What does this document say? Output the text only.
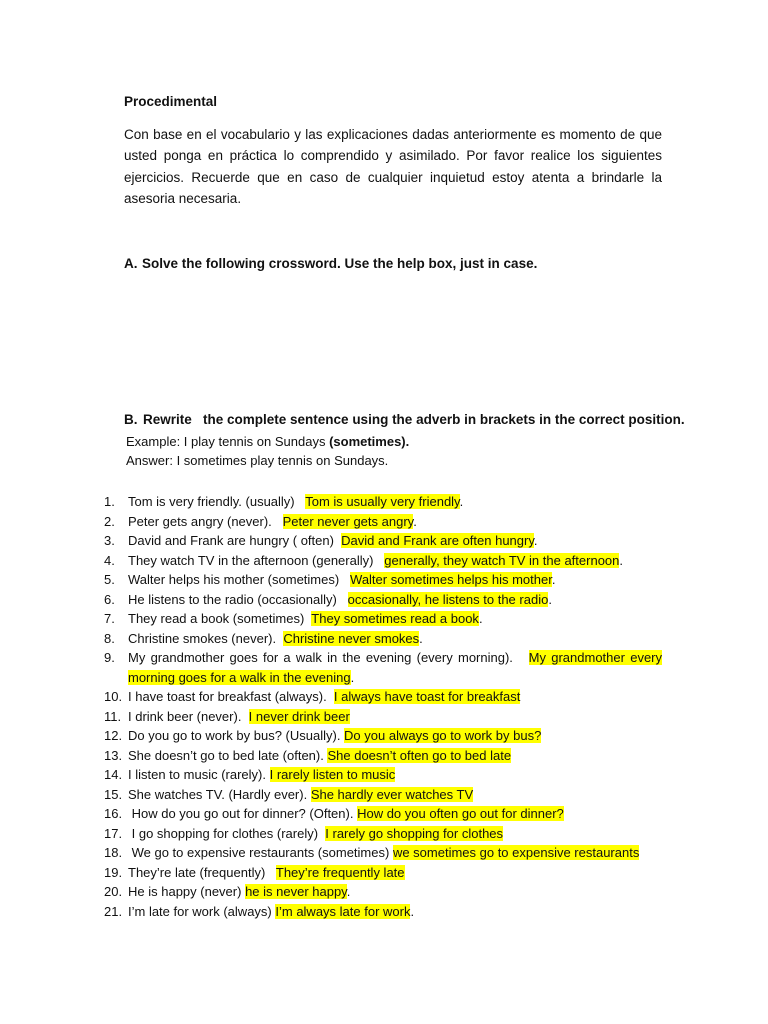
Procedimental
Con base en el vocabulario y las explicaciones dadas anteriormente es momento de que usted ponga en práctica lo comprendido y asimilado. Por favor realice los siguientes ejercicios. Recuerde que en caso de cualquier inquietud estoy atenta a brindarle la asesoria necesaria.
A. Solve the following crossword. Use the help box, just in case.
B. Rewrite   the complete sentence using the adverb in brackets in the correct position.
Example: I play tennis on Sundays (sometimes).
Answer: I sometimes play tennis on Sundays.
1. Tom is very friendly. (usually)   Tom is usually very friendly.
2. Peter gets angry (never).   Peter never gets angry.
3. David and Frank are hungry ( often)  David and Frank are often hungry.
4. They watch TV in the afternoon (generally)   generally, they watch TV in the afternoon.
5. Walter helps his mother (sometimes)   Walter sometimes helps his mother.
6. He listens to the radio (occasionally)   occasionally, he listens to the radio.
7. They read a book (sometimes)  They sometimes read a book.
8. Christine smokes (never).  Christine never smokes.
9. My grandmother goes for a walk in the evening (every morning).   My grandmother every morning goes for a walk in the evening.
10. I have toast for breakfast (always).  I always have toast for breakfast
11. I drink beer (never).  I never drink beer
12. Do you go to work by bus? (Usually). Do you always go to work by bus?
13. She doesn’t go to bed late (often). She doesn’t often go to bed late
14. I listen to music (rarely). I rarely listen to music
15. She watches TV. (Hardly ever). She hardly ever watches TV
16. How do you go out for dinner? (Often). How do you often go out for dinner?
17. I go shopping for clothes (rarely)  I rarely go shopping for clothes
18. We go to expensive restaurants (sometimes) we sometimes go to expensive restaurants
19. They’re late (frequently)   They’re frequently late
20. He is happy (never) he is never happy.
21. I’m late for work (always) I’m always late for work.
